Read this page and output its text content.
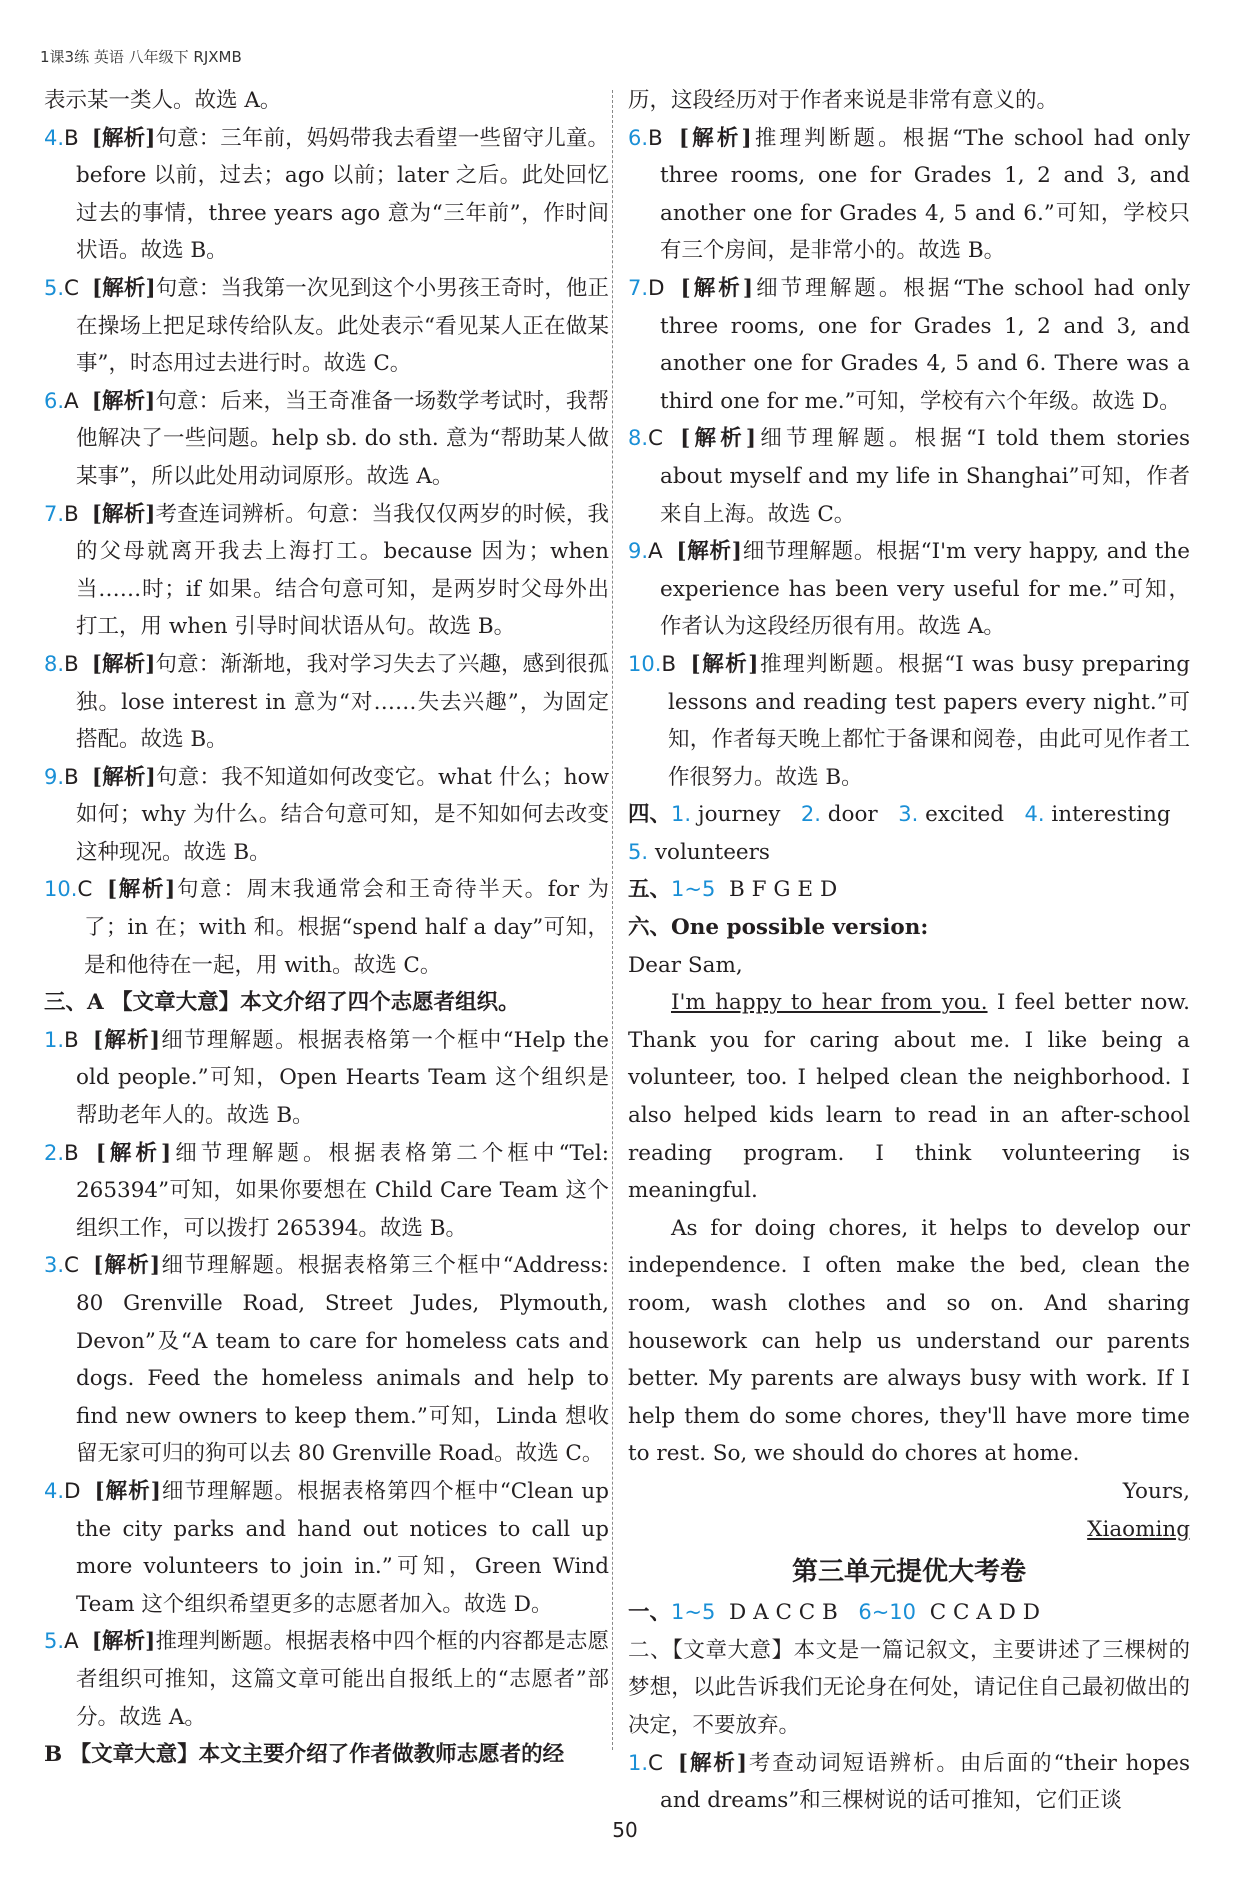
1课3练 英语 八年级下 RJXMB

表示某一类人。故选 A。

4.B [解析]句意：三年前，妈妈带我去看望一些留守儿童。before 以前，过去；ago 以前；later 之后。此处回忆过去的事情，three years ago 意为“三年前”，作时间状语。故选 B。

5.C [解析]句意：当我第一次见到这个小男孩王奇时，他正在操场上把足球传给队友。此处表示“看见某人正在做某事”，时态用过去进行时。故选 C。

6.A [解析]句意：后来，当王奇准备一场数学考试时，我帮他解决了一些问题。help sb. do sth. 意为“帮助某人做某事”，所以此处用动词原形。故选 A。

7.B [解析]考查连词辨析。句意：当我仅仅两岁的时候，我的父母就离开我去上海打工。because 因为；when 当……时；if 如果。结合句意可知，是两岁时父母外出打工，用 when 引导时间状语从句。故选 B。

8.B [解析]句意：渐渐地，我对学习失去了兴趣，感到很孤独。lose interest in 意为“对……失去兴趣”，为固定搭配。故选 B。

9.B [解析]句意：我不知道如何改变它。what 什么；how 如何；why 为什么。结合句意可知，是不知如何去改变这种现况。故选 B。

10.C [解析]句意：周末我通常会和王奇待半天。for 为了；in 在；with 和。根据“spend half a day”可知，是和他待在一起，用 with。故选 C。

三、A 【文章大意】本文介绍了四个志愿者组织。

1.B [解析]细节理解题。根据表格第一个框中“Help the old people.”可知，Open Hearts Team 这个组织是帮助老年人的。故选 B。

2.B [解析]细节理解题。根据表格第二个框中“Tel: 265394”可知，如果你要想在 Child Care Team 这个组织工作，可以拨打 265394。故选 B。

3.C [解析]细节理解题。根据表格第三个框中“Address: 80 Grenville Road, Street Judes, Plymouth, Devon”及“A team to care for homeless cats and dogs. Feed the homeless animals and help to find new owners to keep them.”可知，Linda 想收留无家可归的狗可以去 80 Grenville Road。故选 C。

4.D [解析]细节理解题。根据表格第四个框中“Clean up the city parks and hand out notices to call up more volunteers to join in.”可知，Green Wind Team 这个组织希望更多的志愿者加入。故选 D。

5.A [解析]推理判断题。根据表格中四个框的内容都是志愿者组织可推知，这篇文章可能出自报纸上的“志愿者”部分。故选 A。

B 【文章大意】本文主要介绍了作者做教师志愿者的经

历，这段经历对于作者来说是非常有意义的。

6.B [解析]推理判断题。根据“The school had only three rooms, one for Grades 1, 2 and 3, and another one for Grades 4, 5 and 6.”可知，学校只有三个房间，是非常小的。故选 B。

7.D [解析]细节理解题。根据“The school had only three rooms, one for Grades 1, 2 and 3, and another one for Grades 4, 5 and 6. There was a third one for me.”可知，学校有六个年级。故选 D。

8.C [解析]细节理解题。根据“I told them stories about myself and my life in Shanghai”可知，作者来自上海。故选 C。

9.A [解析]细节理解题。根据“I'm very happy, and the experience has been very useful for me.”可知，作者认为这段经历很有用。故选 A。

10.B [解析]推理判断题。根据“I was busy preparing lessons and reading test papers every night.”可知，作者每天晚上都忙于备课和阅卷，由此可见作者工作很努力。故选 B。

四、1. journey 2. door 3. excited 4. interesting

5. volunteers

五、1~5 B F G E D

六、One possible version:

Dear Sam,

I'm happy to hear from you. I feel better now. Thank you for caring about me. I like being a volunteer, too. I helped clean the neighborhood. I also helped kids learn to read in an after-school reading program. I think volunteering is meaningful.

As for doing chores, it helps to develop our independence. I often make the bed, clean the room, wash clothes and so on. And sharing housework can help us understand our parents better. My parents are always busy with work. If I help them do some chores, they'll have more time to rest. So, we should do chores at home.

Yours,

Xiaoming

第三单元提优大考卷

一、1~5 D A C C B 6~10 C C A D D

二、【文章大意】本文是一篇记叙文，主要讲述了三棵树的梦想，以此告诉我们无论身在何处，请记住自己最初做出的决定，不要放弃。

1.C [解析]考查动词短语辨析。由后面的“their hopes and dreams”和三棵树说的话可推知，它们正谈

50
